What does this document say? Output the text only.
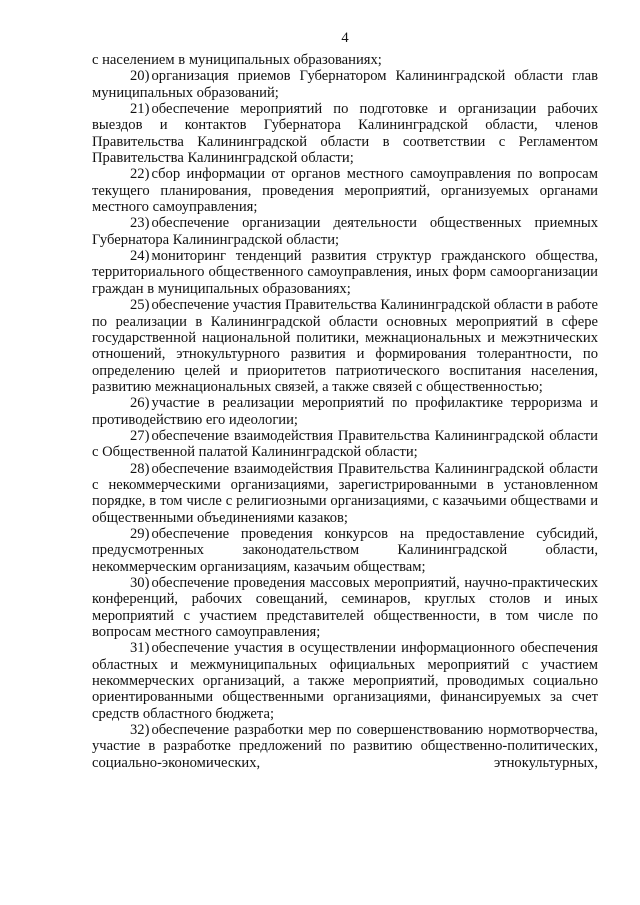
4

с населением в муниципальных образованиях;

20) организация приемов Губернатором Калининградской области глав муниципальных образований;

21) обеспечение мероприятий по подготовке и организации рабочих выездов и контактов Губернатора Калининградской области, членов Правительства Калининградской области в соответствии с Регламентом Правительства Калининградской области;

22) сбор информации от органов местного самоуправления по вопросам текущего планирования, проведения мероприятий, организуемых органами местного самоуправления;

23) обеспечение организации деятельности общественных приемных Губернатора Калининградской области;

24) мониторинг тенденций развития структур гражданского общества, территориального общественного самоуправления, иных форм самоорганизации граждан в муниципальных образованиях;

25) обеспечение участия Правительства Калининградской области в работе по реализации в Калининградской области основных мероприятий в сфере государственной национальной политики, межнациональных и межэтнических отношений, этнокультурного развития и формирования толерантности, по определению целей и приоритетов патриотического воспитания населения, развитию межнациональных связей, а также связей с общественностью;

26) участие в реализации мероприятий по профилактике терроризма и противодействию его идеологии;

27) обеспечение взаимодействия Правительства Калининградской области с Общественной палатой Калининградской области;

28) обеспечение взаимодействия Правительства Калининградской области с некоммерческими организациями, зарегистрированными в установленном порядке, в том числе с религиозными организациями, с казачьими обществами и общественными объединениями казаков;

29) обеспечение проведения конкурсов на предоставление субсидий, предусмотренных законодательством Калининградской области, некоммерческим организациям, казачьим обществам;

30) обеспечение проведения массовых мероприятий, научно-практических конференций, рабочих совещаний, семинаров, круглых столов и иных мероприятий с участием представителей общественности, в том числе по вопросам местного самоуправления;

31) обеспечение участия в осуществлении информационного обеспечения областных и межмуниципальных официальных мероприятий с участием некоммерческих организаций, а также мероприятий, проводимых социально ориентированными общественными организациями, финансируемых за счет средств областного бюджета;

32) обеспечение разработки мер по совершенствованию нормотворчества, участие в разработке предложений по развитию общественно-политических, социально-экономических, этнокультурных,
